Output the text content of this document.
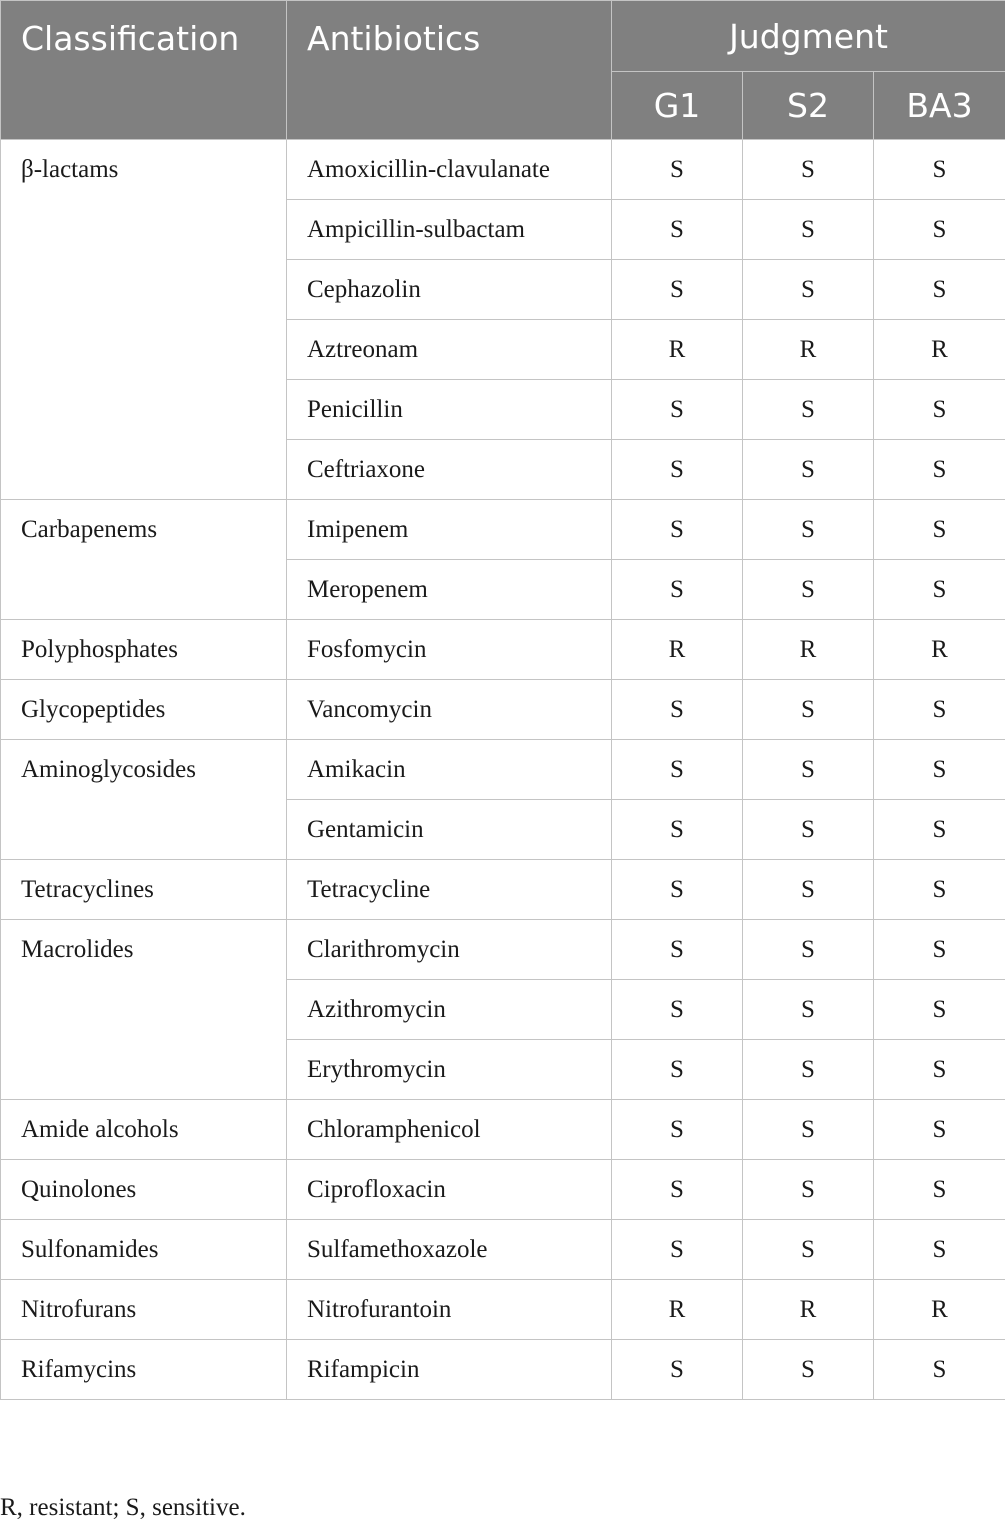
Classification	Antibiotics	Judgment		
		G1	S2	BA3
β-lactams	Amoxicillin-clavulanate	S	S	S
	Ampicillin-sulbactam	S	S	S
	Cephazolin	S	S	S
	Aztreonam	R	R	R
	Penicillin	S	S	S
	Ceftriaxone	S	S	S
Carbapenems	Imipenem	S	S	S
	Meropenem	S	S	S
Polyphosphates	Fosfomycin	R	R	R
Glycopeptides	Vancomycin	S	S	S
Aminoglycosides	Amikacin	S	S	S
	Gentamicin	S	S	S
Tetracyclines	Tetracycline	S	S	S
Macrolides	Clarithromycin	S	S	S
	Azithromycin	S	S	S
	Erythromycin	S	S	S
Amide alcohols	Chloramphenicol	S	S	S
Quinolones	Ciprofloxacin	S	S	S
Sulfonamides	Sulfamethoxazole	S	S	S
Nitrofurans	Nitrofurantoin	R	R	R
Rifamycins	Rifampicin	S	S	S
R, resistant; S, sensitive.
